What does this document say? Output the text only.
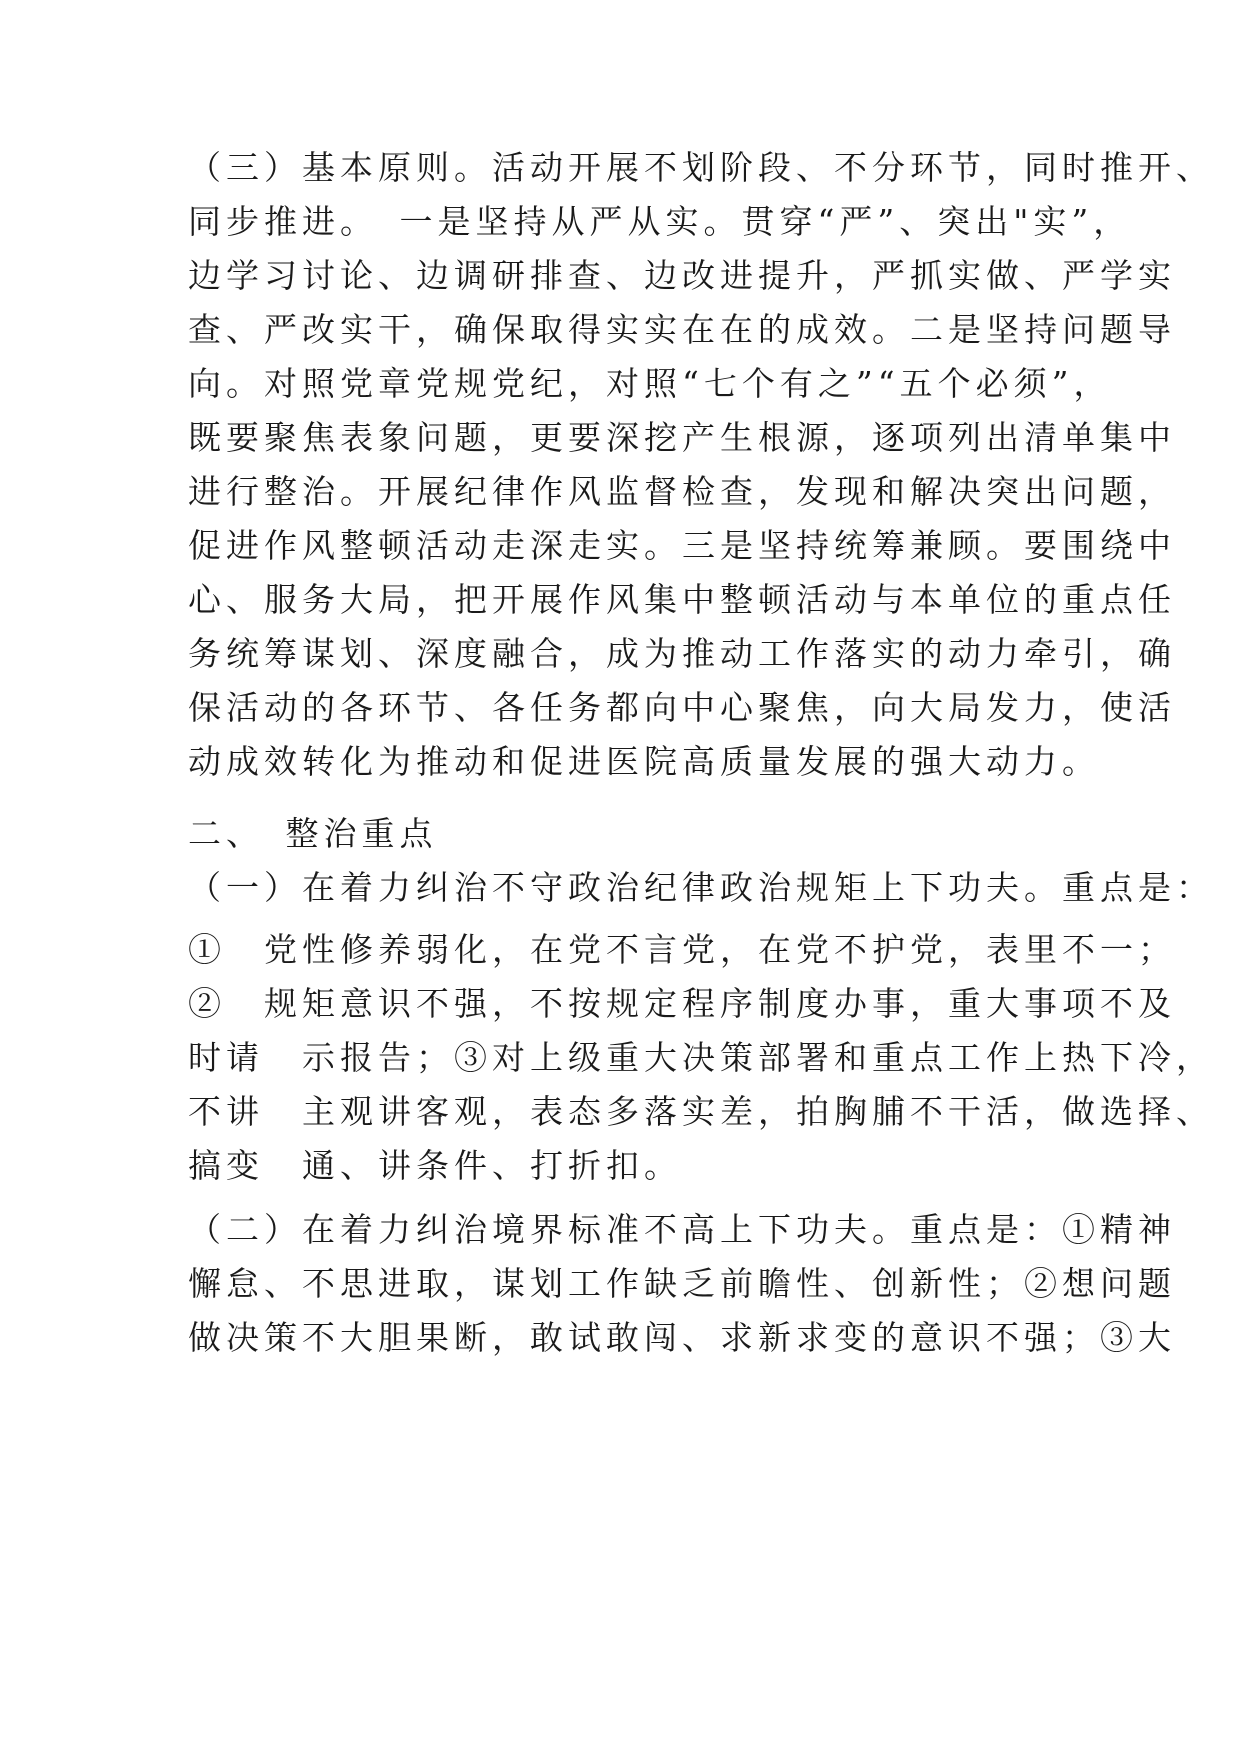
（三）基本原则。活动开展不划阶段、不分环节，同时推开、
同步推进。　一是坚持从严从实。贯穿“严”、突出"实”，
边学习讨论、边调研排查、边改进提升，严抓实做、严学实
查、严改实干，确保取得实实在在的成效。二是坚持问题导
向。对照党章党规党纪，对照“七个有之”“五个必须”，
既要聚焦表象问题，更要深挖产生根源，逐项列出清单集中
进行整治。开展纪律作风监督检查，发现和解决突出问题，
促进作风整顿活动走深走实。三是坚持统筹兼顾。要围绕中
心、服务大局，把开展作风集中整顿活动与本单位的重点任
务统筹谋划、深度融合，成为推动工作落实的动力牵引，确
保活动的各环节、各任务都向中心聚焦，向大局发力，使活
动成效转化为推动和促进医院高质量发展的强大动力。
二、　整治重点
（一）在着力纠治不守政治纪律政治规矩上下功夫。重点是：
①　党性修养弱化，在党不言党，在党不护党，表里不一；
②　规矩意识不强，不按规定程序制度办事，重大事项不及
时请　示报告；③对上级重大决策部署和重点工作上热下冷，
不讲　主观讲客观，表态多落实差，拍胸脯不干活，做选择、
搞变　通、讲条件、打折扣。
（二）在着力纠治境界标准不高上下功夫。重点是：①精神
懈怠、不思进取，谋划工作缺乏前瞻性、创新性；②想问题
做决策不大胆果断，敢试敢闯、求新求变的意识不强；③大
